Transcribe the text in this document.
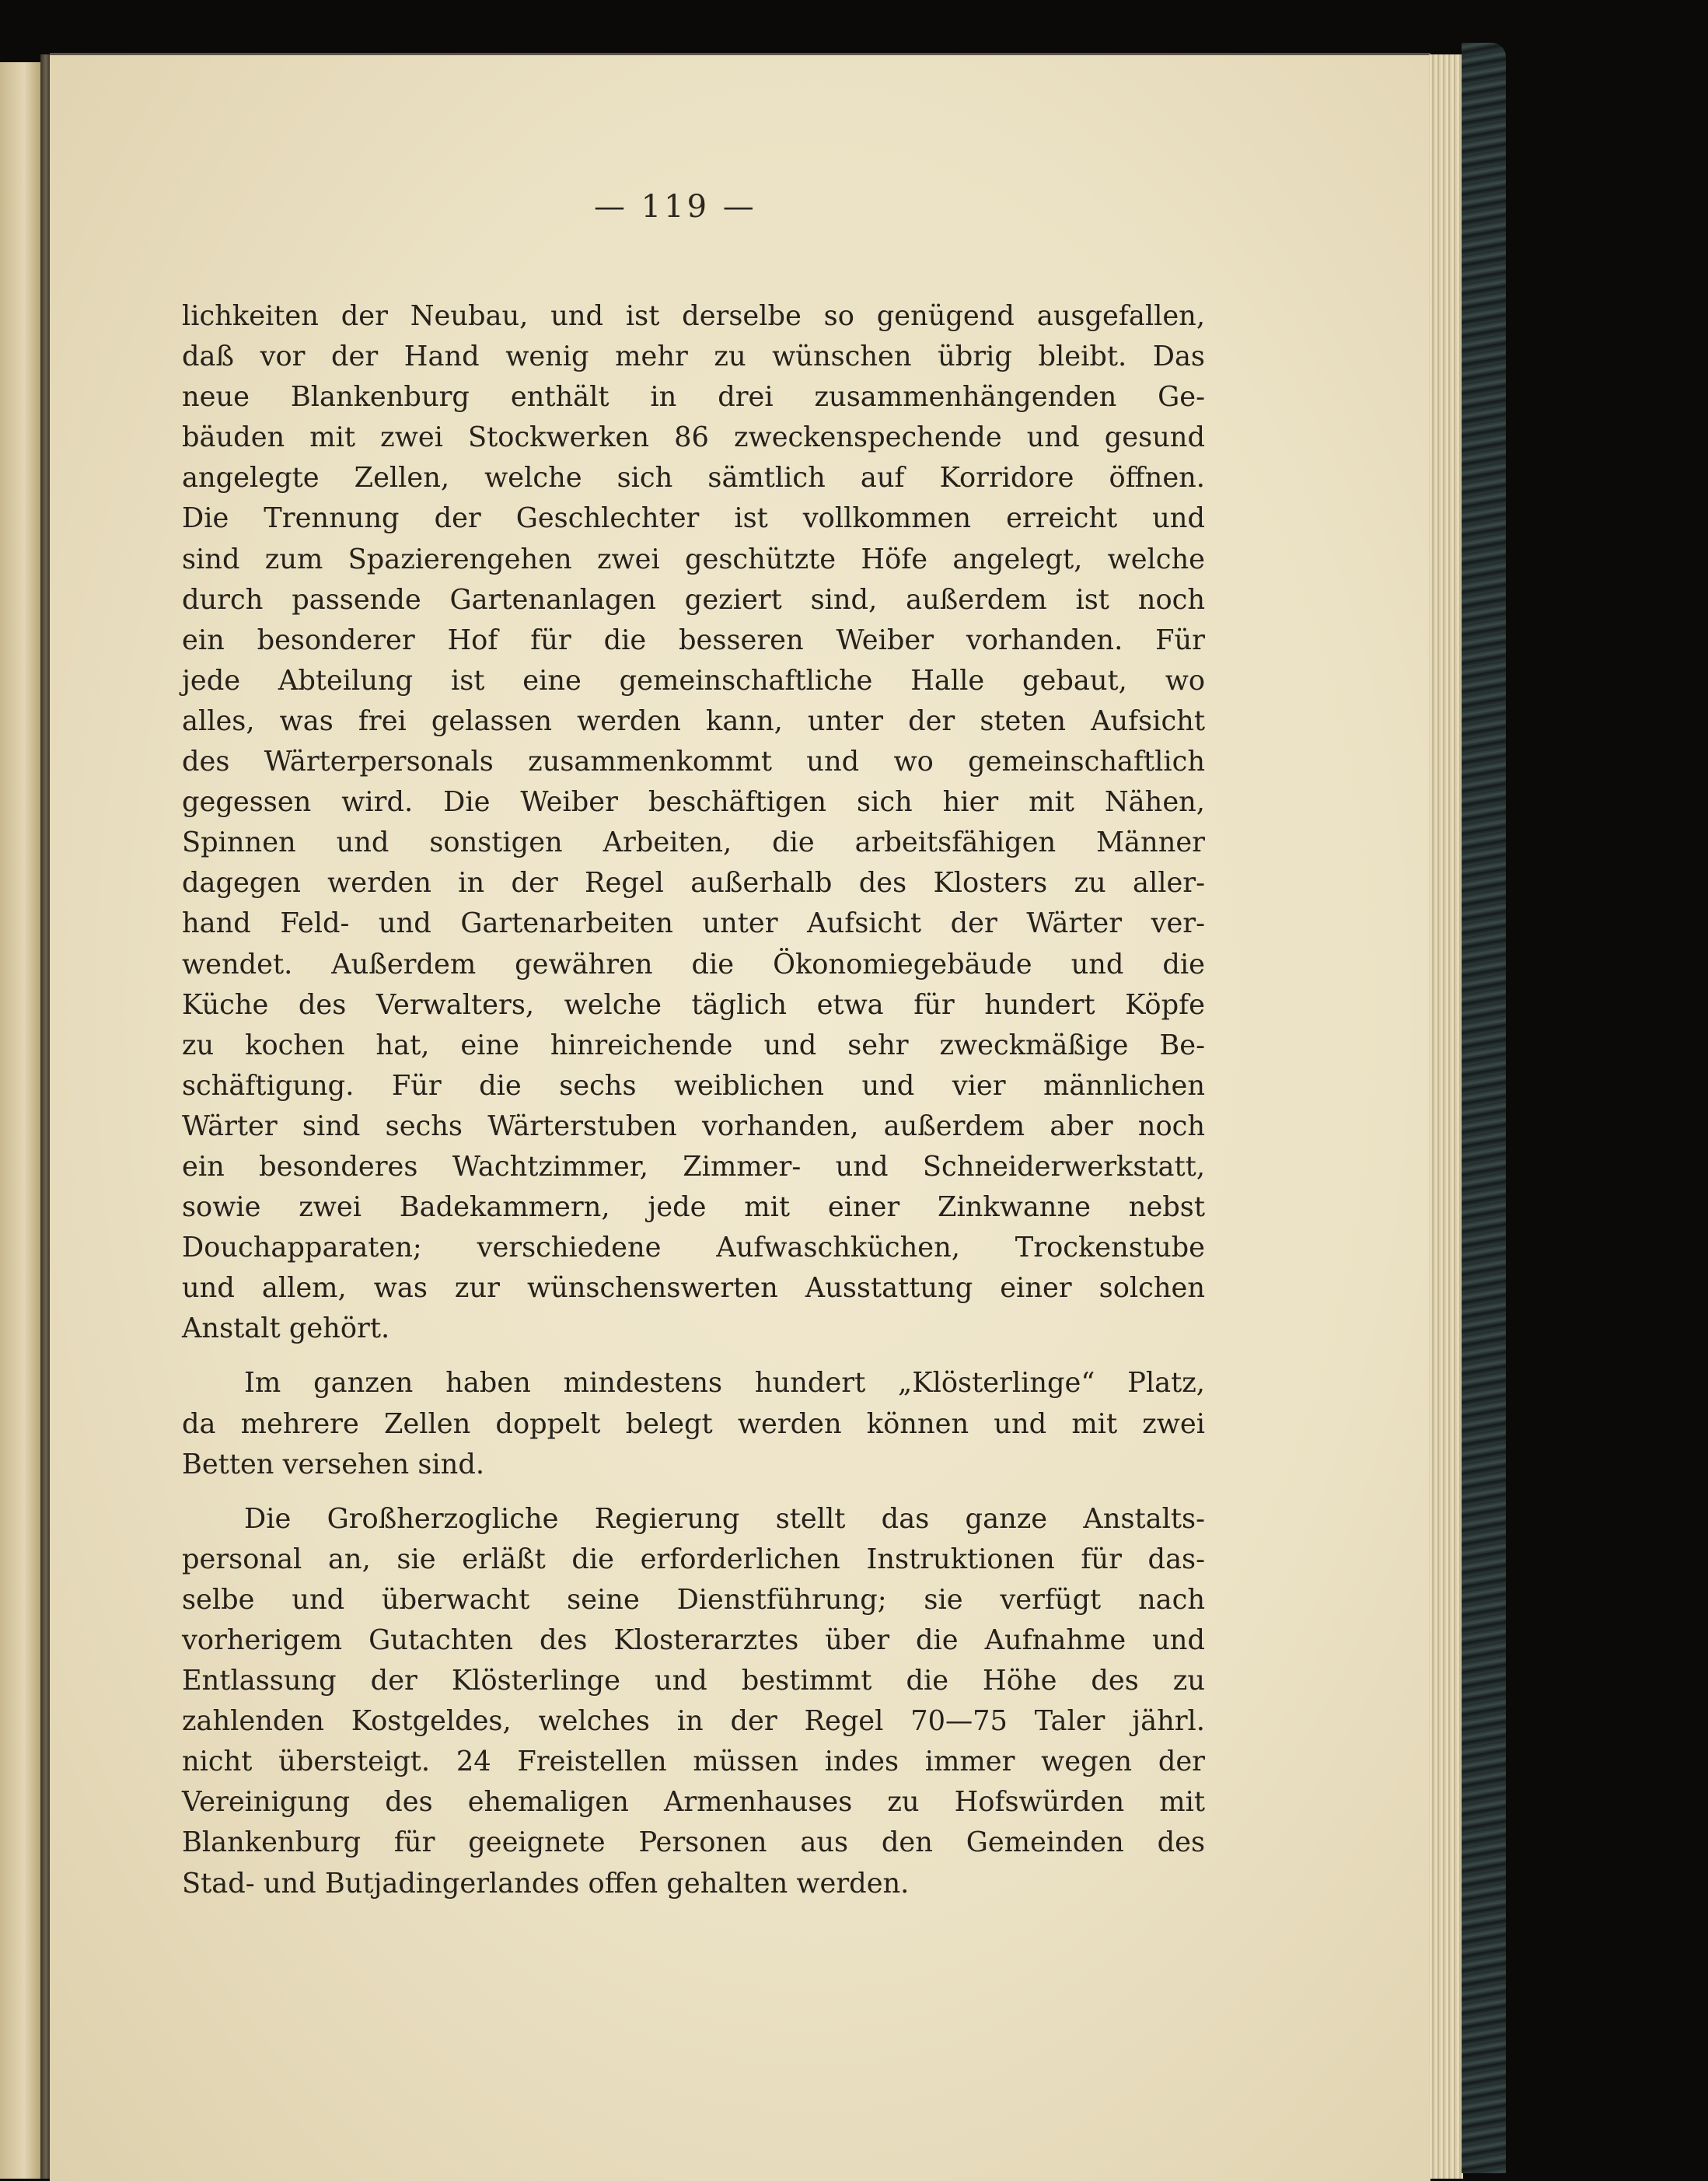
— 119 —
lichkeiten der Neubau, und ist derselbe so genügend ausgefallen,
daß vor der Hand wenig mehr zu wünschen übrig bleibt. Das
neue Blankenburg enthält in drei zusammenhängenden Ge-
bäuden mit zwei Stockwerken 86 zweckenspechende und gesund
angelegte Zellen, welche sich sämtlich auf Korridore öffnen.
Die Trennung der Geschlechter ist vollkommen erreicht und
sind zum Spazierengehen zwei geschützte Höfe angelegt, welche
durch passende Gartenanlagen geziert sind, außerdem ist noch
ein besonderer Hof für die besseren Weiber vorhanden. Für
jede Abteilung ist eine gemeinschaftliche Halle gebaut, wo
alles, was frei gelassen werden kann, unter der steten Aufsicht
des Wärterpersonals zusammenkommt und wo gemeinschaftlich
gegessen wird. Die Weiber beschäftigen sich hier mit Nähen,
Spinnen und sonstigen Arbeiten, die arbeitsfähigen Männer
dagegen werden in der Regel außerhalb des Klosters zu aller-
hand Feld- und Gartenarbeiten unter Aufsicht der Wärter ver-
wendet. Außerdem gewähren die Ökonomiegebäude und die
Küche des Verwalters, welche täglich etwa für hundert Köpfe
zu kochen hat, eine hinreichende und sehr zweckmäßige Be-
schäftigung. Für die sechs weiblichen und vier männlichen
Wärter sind sechs Wärterstuben vorhanden, außerdem aber noch
ein besonderes Wachtzimmer, Zimmer- und Schneiderwerkstatt,
sowie zwei Badekammern, jede mit einer Zinkwanne nebst
Douchapparaten; verschiedene Aufwaschküchen, Trockenstube
und allem, was zur wünschenswerten Ausstattung einer solchen
Anstalt gehört.
Im ganzen haben mindestens hundert „Klösterlinge“ Platz,
da mehrere Zellen doppelt belegt werden können und mit zwei
Betten versehen sind.
Die Großherzogliche Regierung stellt das ganze Anstalts-
personal an, sie erläßt die erforderlichen Instruktionen für das-
selbe und überwacht seine Dienstführung; sie verfügt nach
vorherigem Gutachten des Klosterarztes über die Aufnahme und
Entlassung der Klösterlinge und bestimmt die Höhe des zu
zahlenden Kostgeldes, welches in der Regel 70—75 Taler jährl.
nicht übersteigt. 24 Freistellen müssen indes immer wegen der
Vereinigung des ehemaligen Armenhauses zu Hofswürden mit
Blankenburg für geeignete Personen aus den Gemeinden des
Stad- und Butjadingerlandes offen gehalten werden.
